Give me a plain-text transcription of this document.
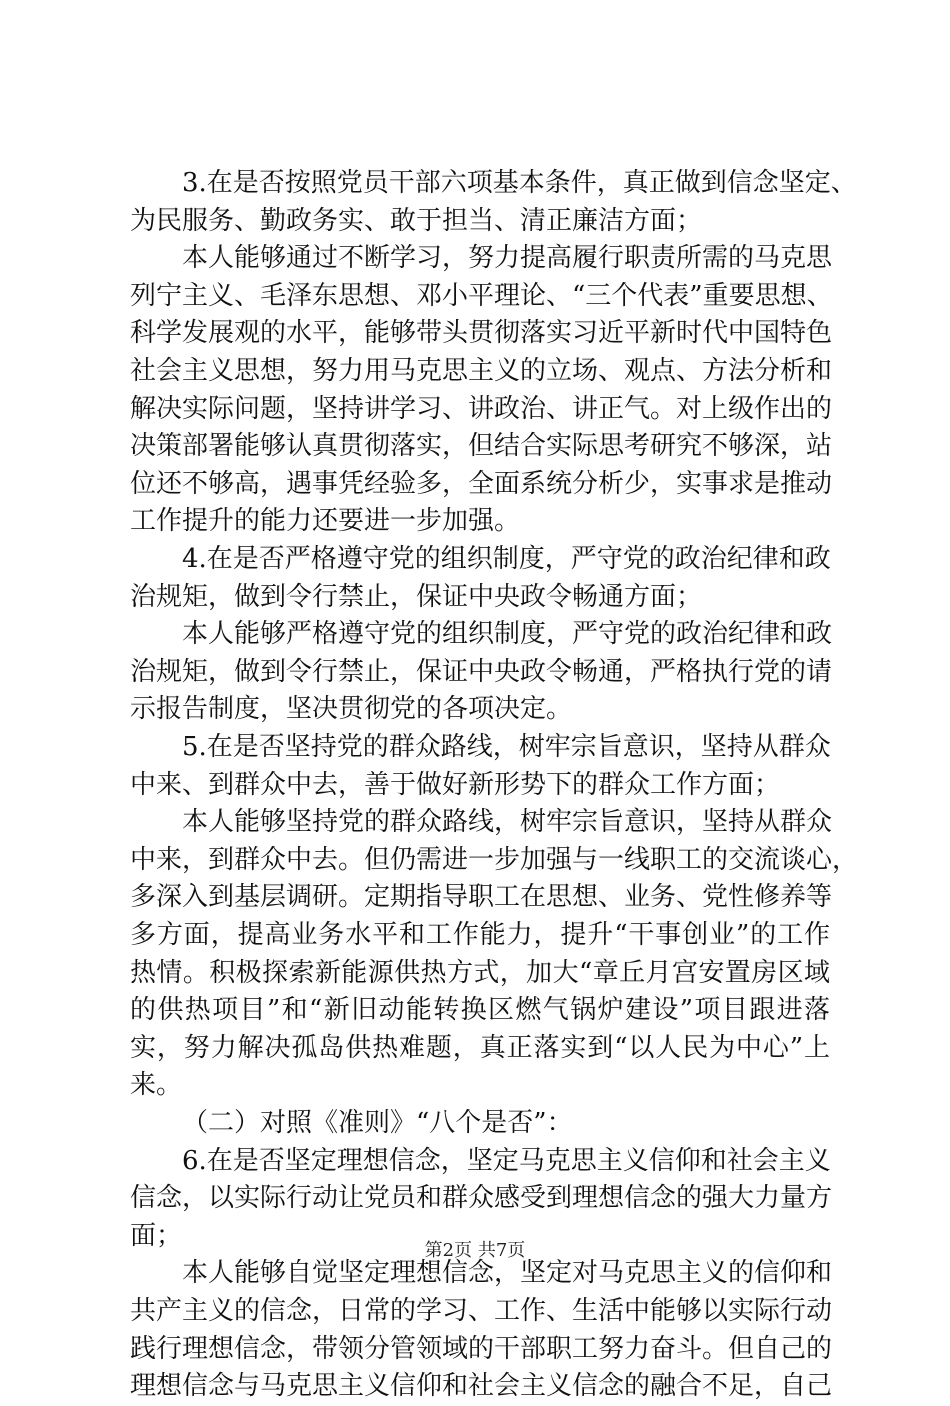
3.在是否按照党员干部六项基本条件，真正做到信念坚定、
为民服务、勤政务实、敢于担当、清正廉洁方面；
本人能够通过不断学习，努力提高履行职责所需的马克思
列宁主义、毛泽东思想、邓小平理论、“三个代表”重要思想、
科学发展观的水平，能够带头贯彻落实习近平新时代中国特色
社会主义思想，努力用马克思主义的立场、观点、方法分析和
解决实际问题，坚持讲学习、讲政治、讲正气。对上级作出的
决策部署能够认真贯彻落实，但结合实际思考研究不够深，站
位还不够高，遇事凭经验多，全面系统分析少，实事求是推动
工作提升的能力还要进一步加强。
4.在是否严格遵守党的组织制度，严守党的政治纪律和政
治规矩，做到令行禁止，保证中央政令畅通方面；
本人能够严格遵守党的组织制度，严守党的政治纪律和政
治规矩，做到令行禁止，保证中央政令畅通，严格执行党的请
示报告制度，坚决贯彻党的各项决定。
5.在是否坚持党的群众路线，树牢宗旨意识，坚持从群众
中来、到群众中去，善于做好新形势下的群众工作方面；
本人能够坚持党的群众路线，树牢宗旨意识，坚持从群众
中来，到群众中去。但仍需进一步加强与一线职工的交流谈心，
多深入到基层调研。定期指导职工在思想、业务、党性修养等
多方面，提高业务水平和工作能力，提升“干事创业”的工作
热情。积极探索新能源供热方式，加大“章丘月宫安置房区域
的供热项目”和“新旧动能转换区燃气锅炉建设”项目跟进落
实，努力解决孤岛供热难题，真正落实到“以人民为中心”上
来。
（二）对照《准则》“八个是否”：
6.在是否坚定理想信念，坚定马克思主义信仰和社会主义
信念，以实际行动让党员和群众感受到理想信念的强大力量方
面；
本人能够自觉坚定理想信念，坚定对马克思主义的信仰和
共产主义的信念，日常的学习、工作、生活中能够以实际行动
践行理想信念，带领分管领域的干部职工努力奋斗。但自己的
理想信念与马克思主义信仰和社会主义信念的融合不足，自己
第2页 共7页
